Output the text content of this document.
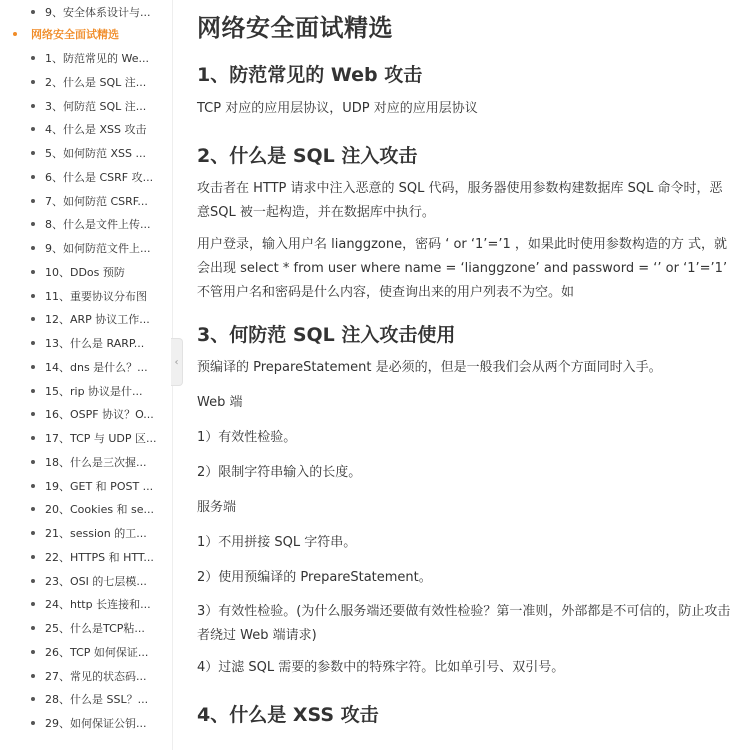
9、安全体系设计与...
网络安全面试精选
1、防范常见的 We...
2、什么是 SQL 注...
3、何防范 SQL 注...
4、什么是 XSS 攻击
5、如何防范 XSS ...
6、什么是 CSRF 攻...
7、如何防范 CSRF...
8、什么是文件上传...
9、如何防范文件上...
10、DDos 预防
11、重要协议分布图
12、ARP 协议工作...
13、什么是 RARP...
14、dns 是什么？...
15、rip 协议是什...
16、OSPF 协议？O...
17、TCP 与 UDP 区...
18、什么是三次握...
19、GET 和 POST ...
20、Cookies 和 se...
21、session 的工...
22、HTTPS 和 HTT...
23、OSI 的七层模...
24、http 长连接和...
25、什么是TCP粘...
26、TCP 如何保证...
27、常见的状态码...
28、什么是 SSL？...
29、如何保证公钥...
‹
网络安全面试精选
1、防范常见的 Web 攻击

TCP 对应的应用层协议，UDP 对应的应用层协议

2、什么是 SQL 注入攻击

攻击者在 HTTP 请求中注入恶意的 SQL 代码，服务器使用参数构建数据库 SQL 命令时，恶意SQL 被一起构造，并在数据库中执行。

用户登录，输入用户名 lianggzone，密码 ‘ or ‘1’=’1 ，如果此时使用参数构造的方 式，就会出现 select * from user where name = ‘lianggzone’ and password = ‘’ or ‘1’=’1’ 不管用户名和密码是什么内容，使查询出来的用户列表不为空。如

3、何防范 SQL 注入攻击使用

预编译的 PrepareStatement 是必须的，但是一般我们会从两个方面同时入手。

Web 端

1）有效性检验。

2）限制字符串输入的长度。

服务端

1）不用拼接 SQL 字符串。

2）使用预编译的 PrepareStatement。

3）有效性检验。(为什么服务端还要做有效性检验？第一准则，外部都是不可信的，防止攻击者绕过 Web 端请求)

4）过滤 SQL 需要的参数中的特殊字符。比如单引号、双引号。

4、什么是 XSS 攻击
